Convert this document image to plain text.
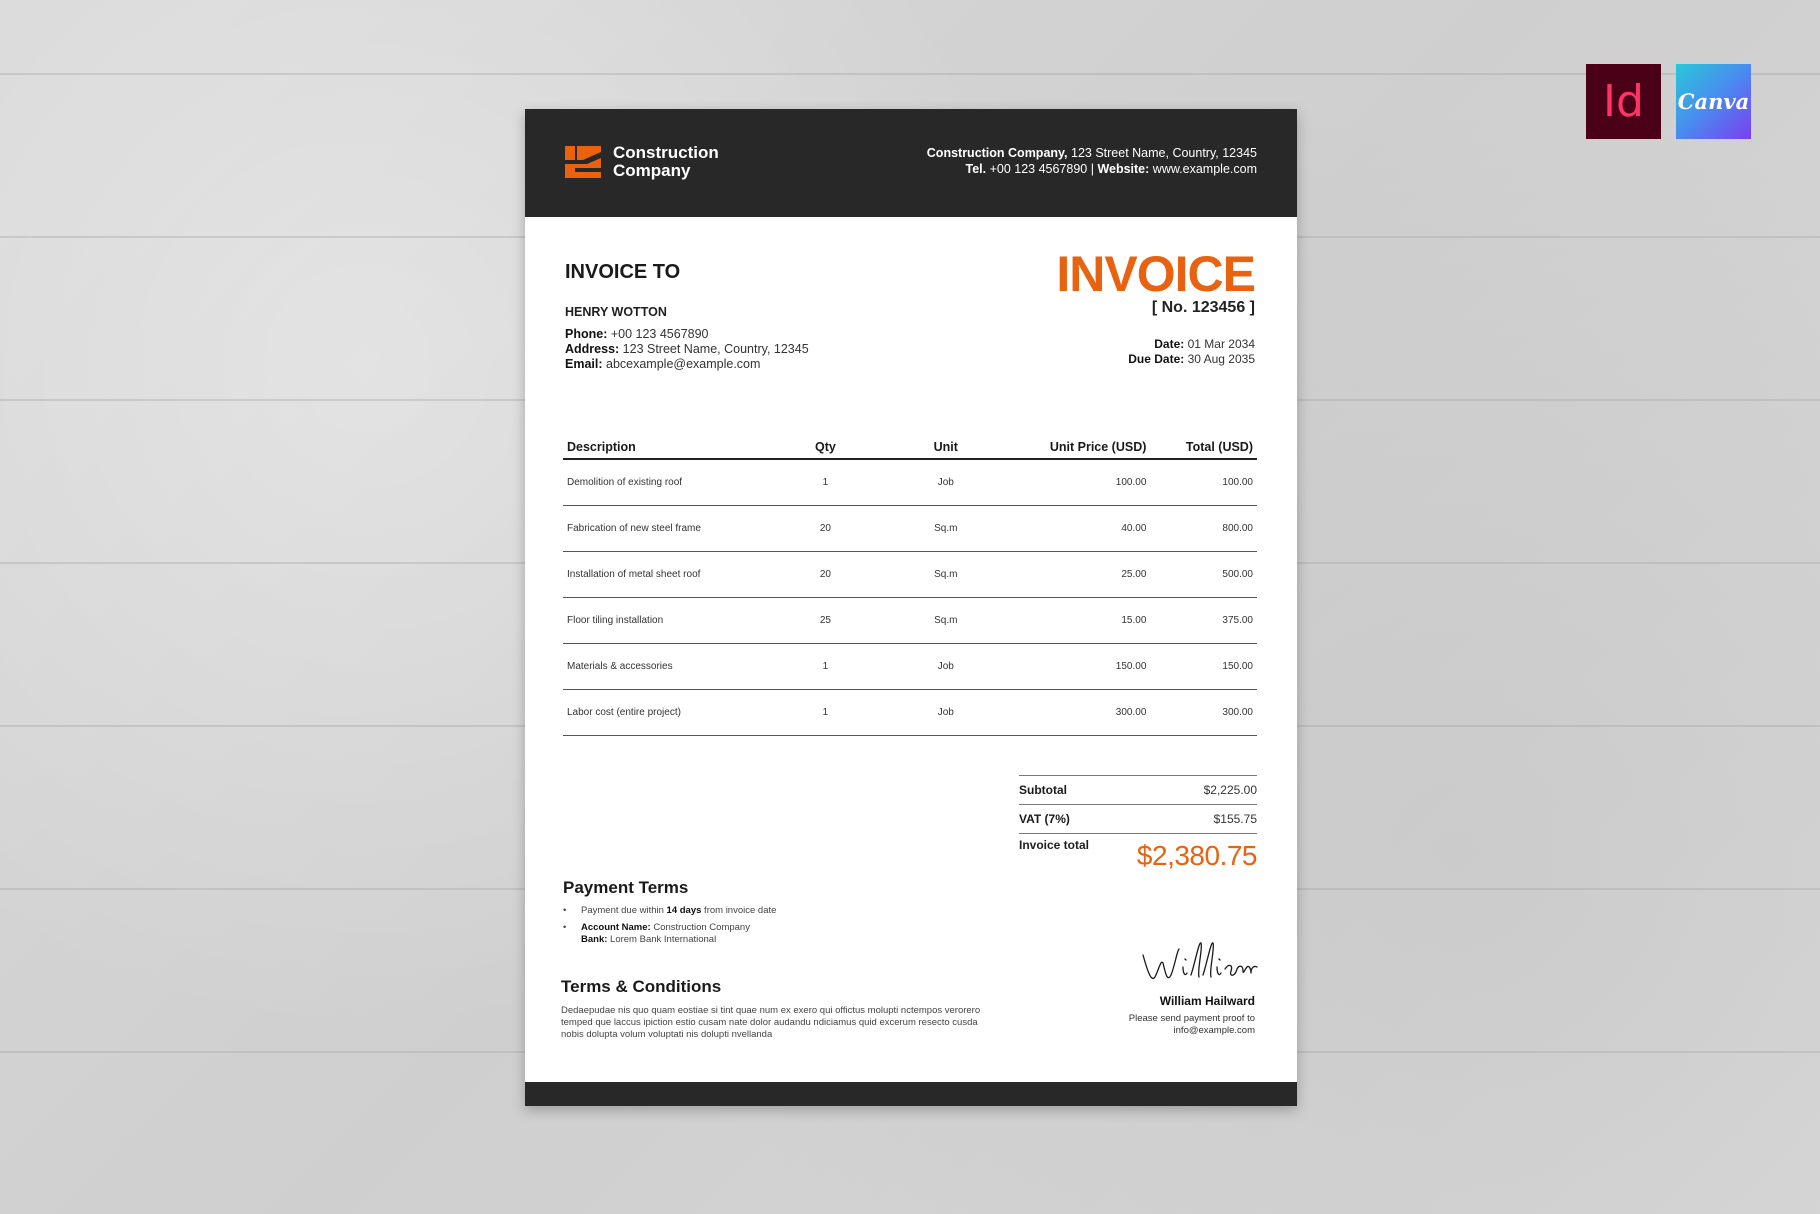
Id Canva
Construction
Company
Construction Company, 123 Street Name, Country, 12345
Tel. +00 123 4567890 | Website: www.example.com
INVOICE TO
HENRY WOTTON
Phone: +00 123 4567890
Address: 123 Street Name, Country, 12345
Email: abcexample@example.com
INVOICE
[ No. 123456 ]
Date: 01 Mar 2034
Due Date: 30 Aug 2035
Description	Qty	Unit	Unit Price (USD)	Total (USD)
Demolition of existing roof	1	Job	100.00	100.00
Fabrication of new steel frame	20	Sq.m	40.00	800.00
Installation of metal sheet roof	20	Sq.m	25.00	500.00
Floor tiling installation	25	Sq.m	15.00	375.00
Materials & accessories	1	Job	150.00	150.00
Labor cost (entire project)	1	Job	300.00	300.00
Subtotal	$2,225.00
VAT (7%)	$155.75
Invoice total $2,380.75
Payment Terms
• Payment due within 14 days from invoice date
• Account Name: Construction Company
Bank: Lorem Bank International
Terms & Conditions
Dedaepudae nis quo quam eostiae si tint quae num ex exero qui offictus molupti nctempos verorero temped que laccus ipiction estio cusam nate dolor audandu ndiciamus quid excerum resecto cusda nobis dolupta volum voluptati nis dolupti nvellanda
William Hailward
Please send payment proof to info@example.com
